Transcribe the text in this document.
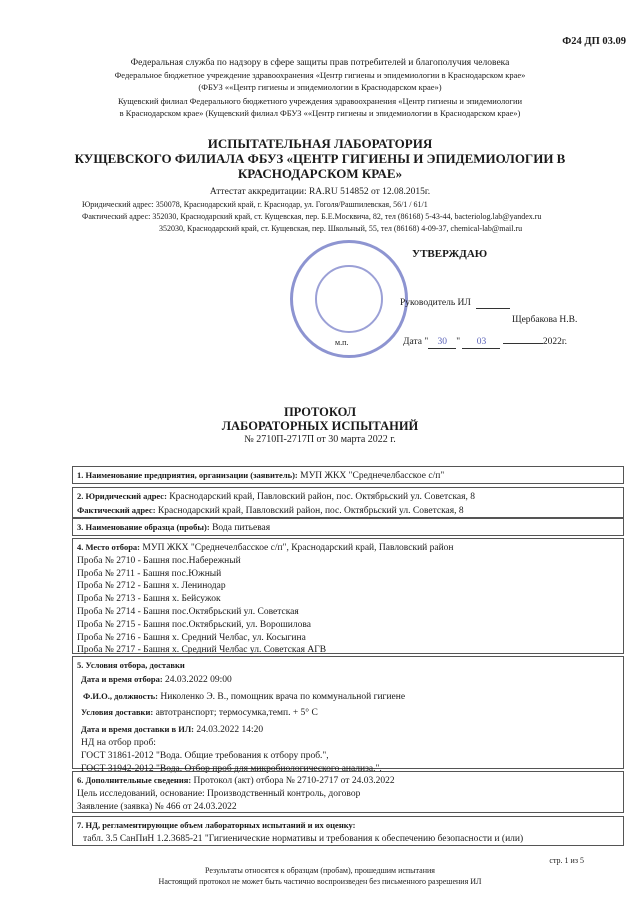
Ф24 ДП 03.09
Федеральная служба по надзору в сфере защиты прав потребителей и благополучия человека
Федеральное бюджетное учреждение здравоохранения «Центр гигиены и эпидемиологии в Краснодарском крае»
(ФБУЗ ««Центр гигиены и эпидемиологии в Краснодарском крае»)
Кущевский филиал Федерального бюджетного учреждения здравоохранения «Центр гигиены и эпидемиологии
в Краснодарском крае» (Кущевский филиал ФБУЗ ««Центр гигиены и эпидемиологии в Краснодарском крае»)
ИСПЫТАТЕЛЬНАЯ ЛАБОРАТОРИЯ
КУЩЕВСКОГО ФИЛИАЛА ФБУЗ «ЦЕНТР ГИГИЕНЫ И ЭПИДЕМИОЛОГИИ В
КРАСНОДАРСКОМ КРАЕ»
Аттестат аккредитации: RA.RU 514852 от 12.08.2015г.
Юридический адрес: 350078, Краснодарский край, г. Краснодар, ул. Гоголя/Рашпилевская, 56/1 / 61/1
Фактический адрес: 352030, Краснодарский край, ст. Кущевская, пер. Б.Е.Москвича, 82, тел (86168) 5-43-44, bacteriolog.lab@yandex.ru
352030, Краснодарский край, ст. Кущевская, пер. Школьный, 55, тел (86168) 4-09-37, chemical-lab@mail.ru
УТВЕРЖДАЮ
Руководитель ИЛ
Щербакова Н.В.
м.п.	Дата " 30 " 03	2022г.
ПРОТОКОЛ
ЛАБОРАТОРНЫХ ИСПЫТАНИЙ
№ 2710П-2717П от 30 марта 2022 г.
1. Наименование предприятия, организации (заявитель): МУП ЖКХ "Среднечелбасское с/п"
2. Юридический адрес: Краснодарский край, Павловский район, пос. Октябрьский ул. Советская, 8
Фактический адрес: Краснодарский край, Павловский район, пос. Октябрьский ул. Советская, 8
3. Наименование образца (пробы): Вода питьевая
4. Место отбора: МУП ЖКХ "Среднечелбасское с/п", Краснодарский край, Павловский район
Проба № 2710 - Башня пос.Набережный
Проба № 2711 - Башня пос.Южный
Проба № 2712 - Башня х. Ленинодар
Проба № 2713 - Башня х. Бейсужок
Проба № 2714 - Башня пос.Октябрьский ул. Советская
Проба № 2715 - Башня пос.Октябрьский, ул. Ворошилова
Проба № 2716 - Башня х. Средний Челбас, ул. Косыгина
Проба № 2717 - Башня х. Средний Челбас ул. Советская АГВ
5. Условия отбора, доставки
Дата и время отбора: 24.03.2022 09:00
Ф.И.О., должность: Николенко Э. В., помощник врача по коммунальной гигиене
Условия доставки: автотранспорт; термосумка,темп. + 5° С
Дата и время доставки в ИЛ: 24.03.2022 14:20
НД на отбор проб:
ГОСТ 31861-2012 "Вода. Общие требования к отбору проб.",
ГОСТ 31942-2012 "Вода. Отбор проб для микробиологического анализа.".
6. Дополнительные сведения: Протокол (акт) отбора № 2710-2717 от 24.03.2022
Цель исследований, основание: Производственный контроль, договор
Заявление (заявка) № 466 от 24.03.2022
7. НД, регламентирующие объем лабораторных испытаний и их оценку:
табл. 3.5 СанПиН 1.2.3685-21 "Гигиенические нормативы и требования к обеспечению безопасности и (или)
стр. 1 из 5
Результаты относятся к образцам (пробам), прошедшим испытания
Настоящий протокол не может быть частично воспроизведен без письменного разрешения ИЛ
